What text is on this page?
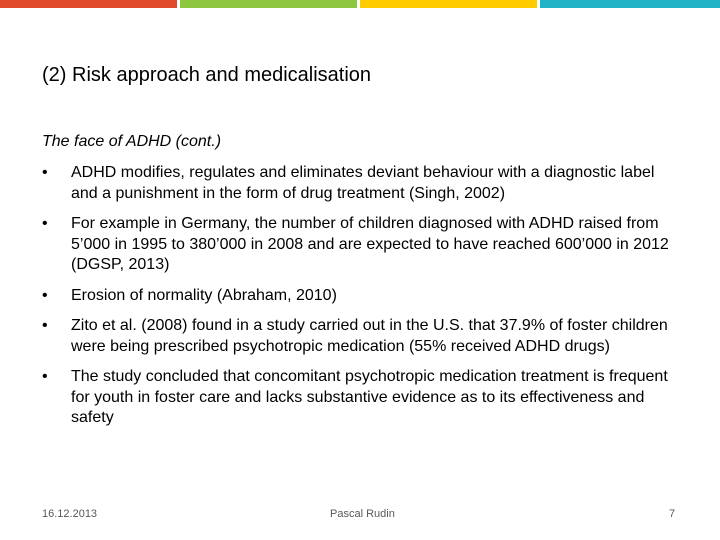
(2) Risk approach and medicalisation
The face of ADHD (cont.)
• ADHD modifies, regulates and eliminates deviant behaviour with a diagnostic label and a punishment in the form of drug treatment (Singh, 2002)
• For example in Germany, the number of children diagnosed with ADHD raised from 5’000 in 1995 to 380’000 in 2008 and are expected to have reached 600’000 in 2012 (DGSP, 2013)
• Erosion of normality (Abraham, 2010)
• Zito et al. (2008) found in a study carried out in the U.S. that 37.9% of foster children were being prescribed psychotropic medication (55% received ADHD drugs)
• The study concluded that concomitant psychotropic medication treatment is frequent for youth in foster care and lacks substantive evidence as to its effectiveness and safety
16.12.2013	Pascal Rudin	7
